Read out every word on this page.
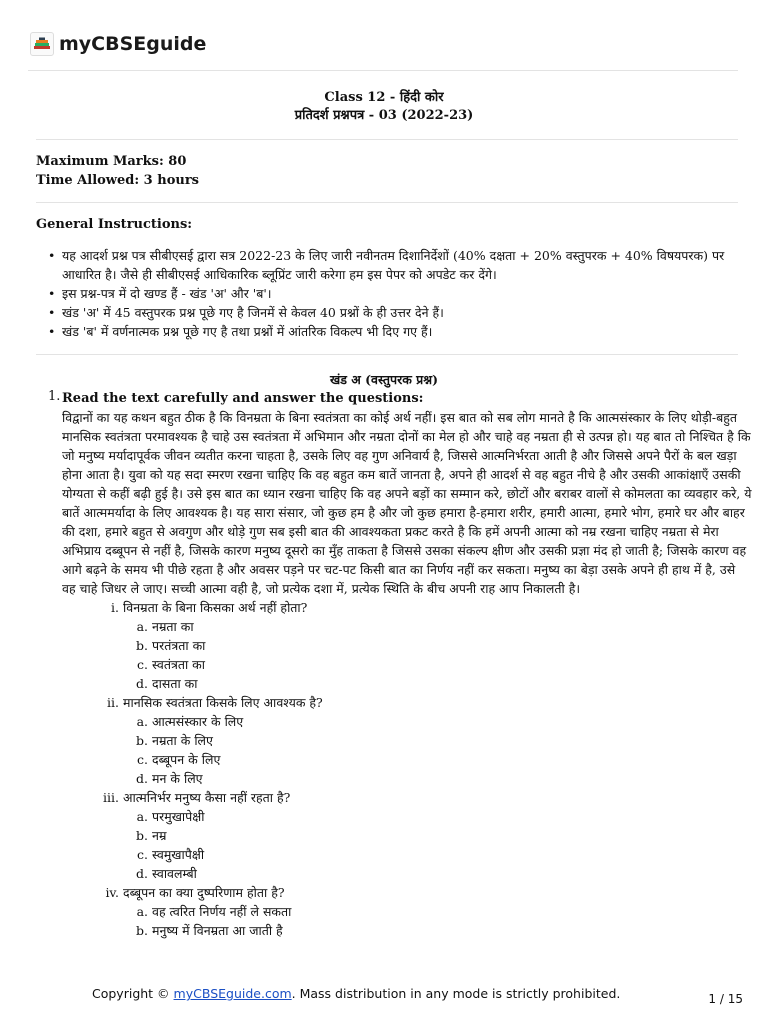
myCBSEguide
Class 12 - हिंदी कोर
प्रतिदर्श प्रश्नपत्र - 03 (2022-23)
Maximum Marks: 80
Time Allowed: 3 hours
General Instructions:
• यह आदर्श प्रश्न पत्र सीबीएसई द्वारा सत्र 2022-23 के लिए जारी नवीनतम दिशानिर्देशों (40% दक्षता + 20% वस्तुपरक + 40% विषयपरक) पर आधारित है। जैसे ही सीबीएसई आधिकारिक ब्लूप्रिंट जारी करेगा हम इस पेपर को अपडेट कर देंगे।
• इस प्रश्न-पत्र में दो खण्ड हैं - खंड 'अ' और 'ब'।
• खंड 'अ' में 45 वस्तुपरक प्रश्न पूछे गए है जिनमें से केवल 40 प्रश्नों के ही उत्तर देने हैं।
• खंड 'ब' में वर्णनात्मक प्रश्न पूछे गए है तथा प्रश्नों में आंतरिक विकल्प भी दिए गए हैं।
खंड अ (वस्तुपरक प्रश्न)
1. Read the text carefully and answer the questions:

विद्वानों का यह कथन बहुत ठीक है कि विनम्रता के बिना स्वतंत्रता का कोई अर्थ नहीं। इस बात को सब लोग मानते है कि आत्मसंस्कार के लिए थोड़ी-बहुत मानसिक स्वतंत्रता परमावश्यक है चाहे उस स्वतंत्रता में अभिमान और नम्रता दोनों का मेल हो और चाहे वह नम्रता ही से उत्पन्न हो। यह बात तो निश्चित है कि जो मनुष्य मर्यादापूर्वक जीवन व्यतीत करना चाहता है, उसके लिए वह गुण अनिवार्य है, जिससे आत्मनिर्भरता आती है और जिससे अपने पैरों के बल खड़ा होना आता है। युवा को यह सदा स्मरण रखना चाहिए कि वह बहुत कम बातें जानता है, अपने ही आदर्श से वह बहुत नीचे है और उसकी आकांक्षाएँ उसकी योग्यता से कहीं बढ़ी हुई है। उसे इस बात का ध्यान रखना चाहिए कि वह अपने बड़ों का सम्मान करे, छोटों और बराबर वालों से कोमलता का व्यवहार करे, ये बातें आत्ममर्यादा के लिए आवश्यक है। यह सारा संसार, जो कुछ हम है और जो कुछ हमारा है-हमारा शरीर, हमारी आत्मा, हमारे भोग, हमारे घर और बाहर की दशा, हमारे बहुत से अवगुण और थोड़े गुण सब इसी बात की आवश्यकता प्रकट करते है कि हमें अपनी आत्मा को नम्र रखना चाहिए नम्रता से मेरा अभिप्राय दब्बूपन से नहीं है, जिसके कारण मनुष्य दूसरो का मुँह ताकता है जिससे उसका संकल्प क्षीण और उसकी प्रज्ञा मंद हो जाती है; जिसके कारण वह आगे बढ़ने के समय भी पीछे रहता है और अवसर पड़ने पर चट-पट किसी बात का निर्णय नहीं कर सकता। मनुष्य का बेड़ा उसके अपने ही हाथ में है, उसे वह चाहे जिधर ले जाए। सच्ची आत्मा वही है, जो प्रत्येक दशा में, प्रत्येक स्थिति के बीच अपनी राह आप निकालती है।

i. विनम्रता के बिना किसका अर्थ नहीं होता?
a. नम्रता का
b. परतंत्रता का
c. स्वतंत्रता का
d. दासता का
ii. मानसिक स्वतंत्रता किसके लिए आवश्यक है?
a. आत्मसंस्कार के लिए
b. नम्रता के लिए
c. दब्बूपन के लिए
d. मन के लिए
iii. आत्मनिर्भर मनुष्य कैसा नहीं रहता है?
a. परमुखापेक्षी
b. नम्र
c. स्वमुखापैक्षी
d. स्वावलम्बी
iv. दब्बूपन का क्या दुष्परिणाम होता है?
a. वह त्वरित निर्णय नहीं ले सकता
b. मनुष्य में विनम्रता आ जाती है
Copyright © myCBSEguide.com. Mass distribution in any mode is strictly prohibited.	1 / 15
